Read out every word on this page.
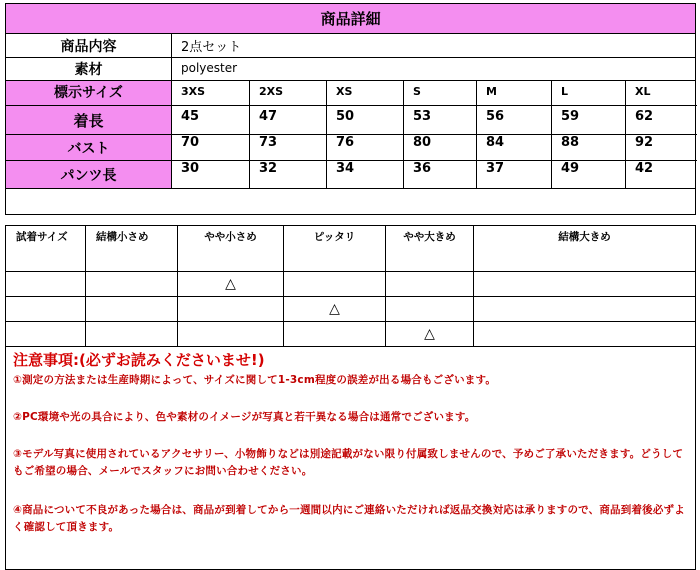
商品詳細							
商品内容	2点セット						
素材	polyester						
標示サイズ	3XS	2XS	XS	S	M	L	XL
着長	45	47	50	53	56	59	62
バスト	70	73	76	80	84	88	92
パンツ長	30	32	34	36	37	49	42

試着サイズ	結構小さめ	やや小さめ	ピッタリ	やや大きめ	結構大きめ
		△			
			△		
				△	

注意事項:(必ずお読みくださいませ!)

①測定の方法または生産時期によって、サイズに関して1-3cm程度の誤差が出る場合もございます。

②PC環境や光の具合により、色や素材のイメージが写真と若干異なる場合は通常でございます。

③モデル写真に使用されているアクセサリー、小物飾りなどは別途記載がない限り付属致しませんので、予めご了承いただきます。どうしてもご希望の場合、メールでスタッフにお問い合わせください。

④商品について不良があった場合は、商品が到着してから一週間以内にご連絡いただければ返品交換対応は承りますので、商品到着後必ずよく確認して頂きます。					
